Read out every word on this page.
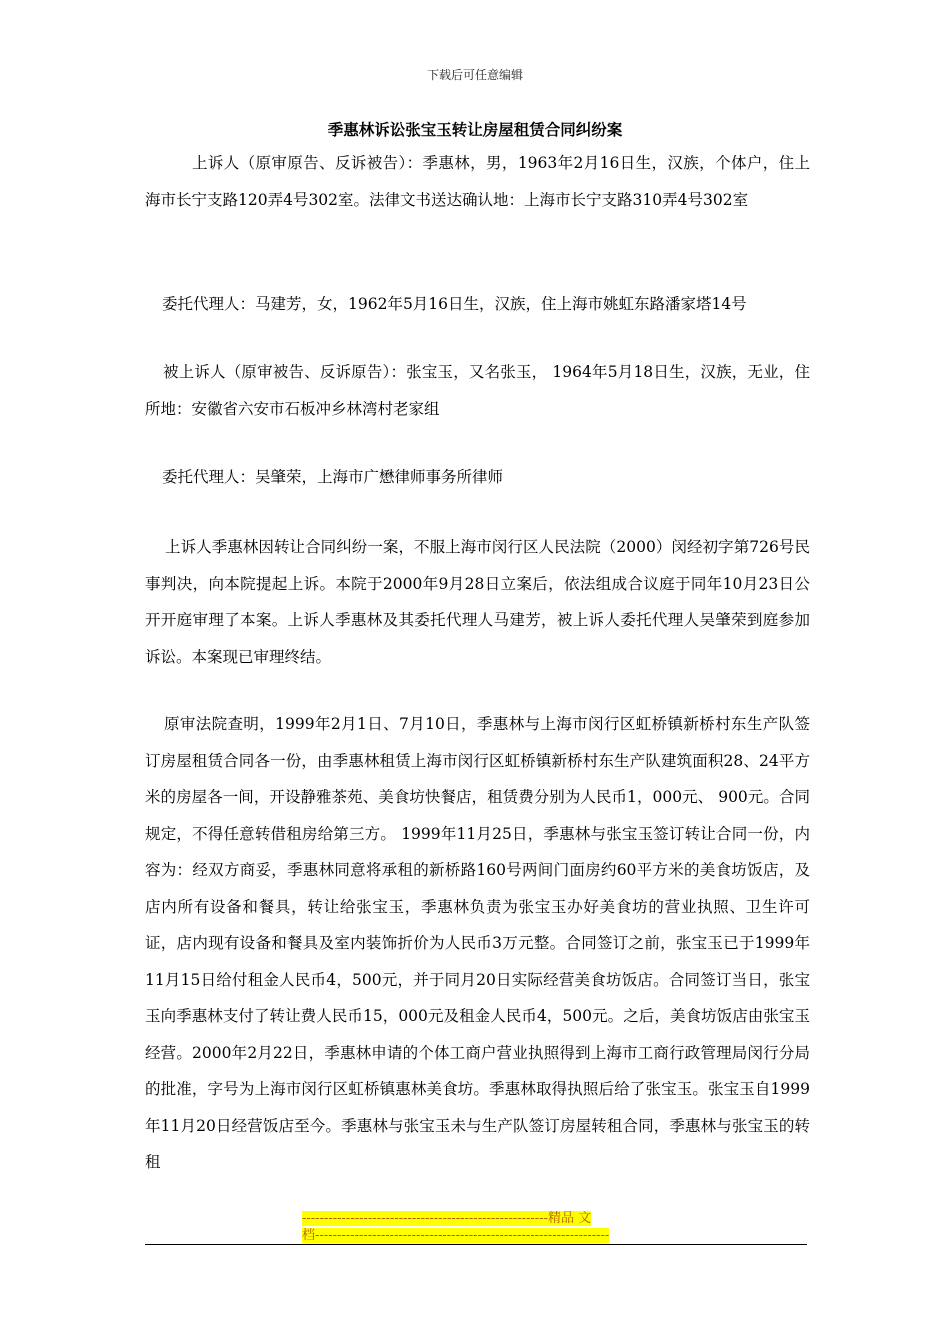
下载后可任意编辑
季惠林诉讼张宝玉转让房屋租赁合同纠纷案
上诉人（原审原告、反诉被告）：季惠林，男，1963年2月16日生，汉族，个体户，住上海市长宁支路120弄4号302室。法律文书送达确认地：上海市长宁支路310弄4号302室
委托代理人：马建芳，女，1962年5月16日生，汉族，住上海市姚虹东路潘家塔14号
被上诉人（原审被告、反诉原告）：张宝玉，又名张玉， 1964年5月18日生，汉族，无业，住所地：安徽省六安市石板冲乡林湾村老家组
委托代理人：吴肇荣，上海市广懋律师事务所律师
上诉人季惠林因转让合同纠纷一案，不服上海市闵行区人民法院（2000）闵经初字第726号民事判决，向本院提起上诉。本院于2000年9月28日立案后，依法组成合议庭于同年10月23日公开开庭审理了本案。上诉人季惠林及其委托代理人马建芳，被上诉人委托代理人吴肇荣到庭参加诉讼。本案现已审理终结。
原审法院查明，1999年2月1日、7月10日，季惠林与上海市闵行区虹桥镇新桥村东生产队签订房屋租赁合同各一份，由季惠林租赁上海市闵行区虹桥镇新桥村东生产队建筑面积28、24平方米的房屋各一间，开设静雅茶苑、美食坊快餐店，租赁费分别为人民币1，000元、 900元。合同规定，不得任意转借租房给第三方。 1999年11月25日，季惠林与张宝玉签订转让合同一份，内容为：经双方商妥，季惠林同意将承租的新桥路160号两间门面房约60平方米的美食坊饭店，及店内所有设备和餐具，转让给张宝玉，季惠林负责为张宝玉办好美食坊的营业执照、卫生许可证，店内现有设备和餐具及室内装饰折价为人民币3万元整。合同签订之前，张宝玉已于1999年11月15日给付租金人民币4，500元，并于同月20日实际经营美食坊饭店。合同签订当日，张宝玉向季惠林支付了转让费人民币15，000元及租金人民币4，500元。之后，美食坊饭店由张宝玉经营。2000年2月22日，季惠林申请的个体工商户营业执照得到上海市工商行政管理局闵行分局的批准，字号为上海市闵行区虹桥镇惠林美食坊。季惠林取得执照后给了张宝玉。张宝玉自1999年11月20日经营饭店至今。季惠林与张宝玉未与生产队签订房屋转租合同，季惠林与张宝玉的转租
--------------------------------------------------------精品 文
档-------------------------------------------------------------------
